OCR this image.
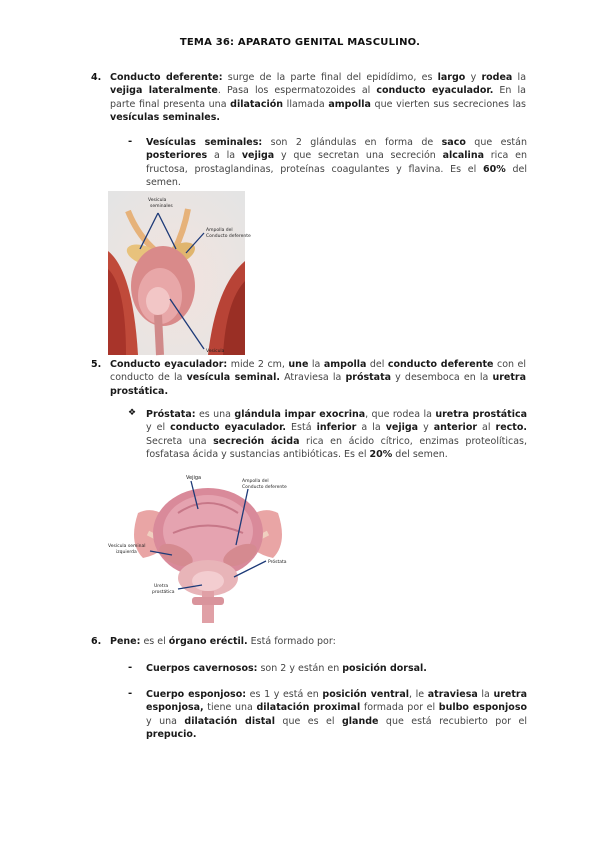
TEMA 36: APARATO GENITAL MASCULINO.
4. Conducto deferente: surge de la parte final del epidídimo, es largo y rodea la vejiga lateralmente. Pasa los espermatozoides al conducto eyaculador. En la parte final presenta una dilatación llamada ampolla que vierten sus secreciones las vesículas seminales.
- Vesículas seminales: son 2 glándulas en forma de saco que están posteriores a la vejiga y que secretan una secreción alcalina rica en fructosa, prostaglandinas, proteínas coagulantes y flavina. Es el 60% del semen.
Vesícula
seminales
Ampolla del
Conducto deferente
Vesícula
5. Conducto eyaculador: mide 2 cm, une la ampolla del conducto deferente con el conducto de la vesícula seminal. Atraviesa la próstata y desemboca en la uretra prostática.
❖ Próstata: es una glándula impar exocrina, que rodea la uretra prostática y el conducto eyaculador. Está inferior a la vejiga y anterior al recto. Secreta una secreción ácida rica en ácido cítrico, enzimas proteolíticas, fosfatasa ácida y sustancias antibióticas. Es el 20% del semen.
Vejiga
Ampolla del
Conducto deferente
Vesícula seminal
izquierda
Próstata
Uretra
prostática
6. Pene: es el órgano eréctil. Está formado por:
- Cuerpos cavernosos: son 2 y están en posición dorsal.
- Cuerpo esponjoso: es 1 y está en posición ventral, le atraviesa la uretra esponjosa, tiene una dilatación proximal formada por el bulbo esponjoso y una dilatación distal que es el glande que está recubierto por el prepucio.
